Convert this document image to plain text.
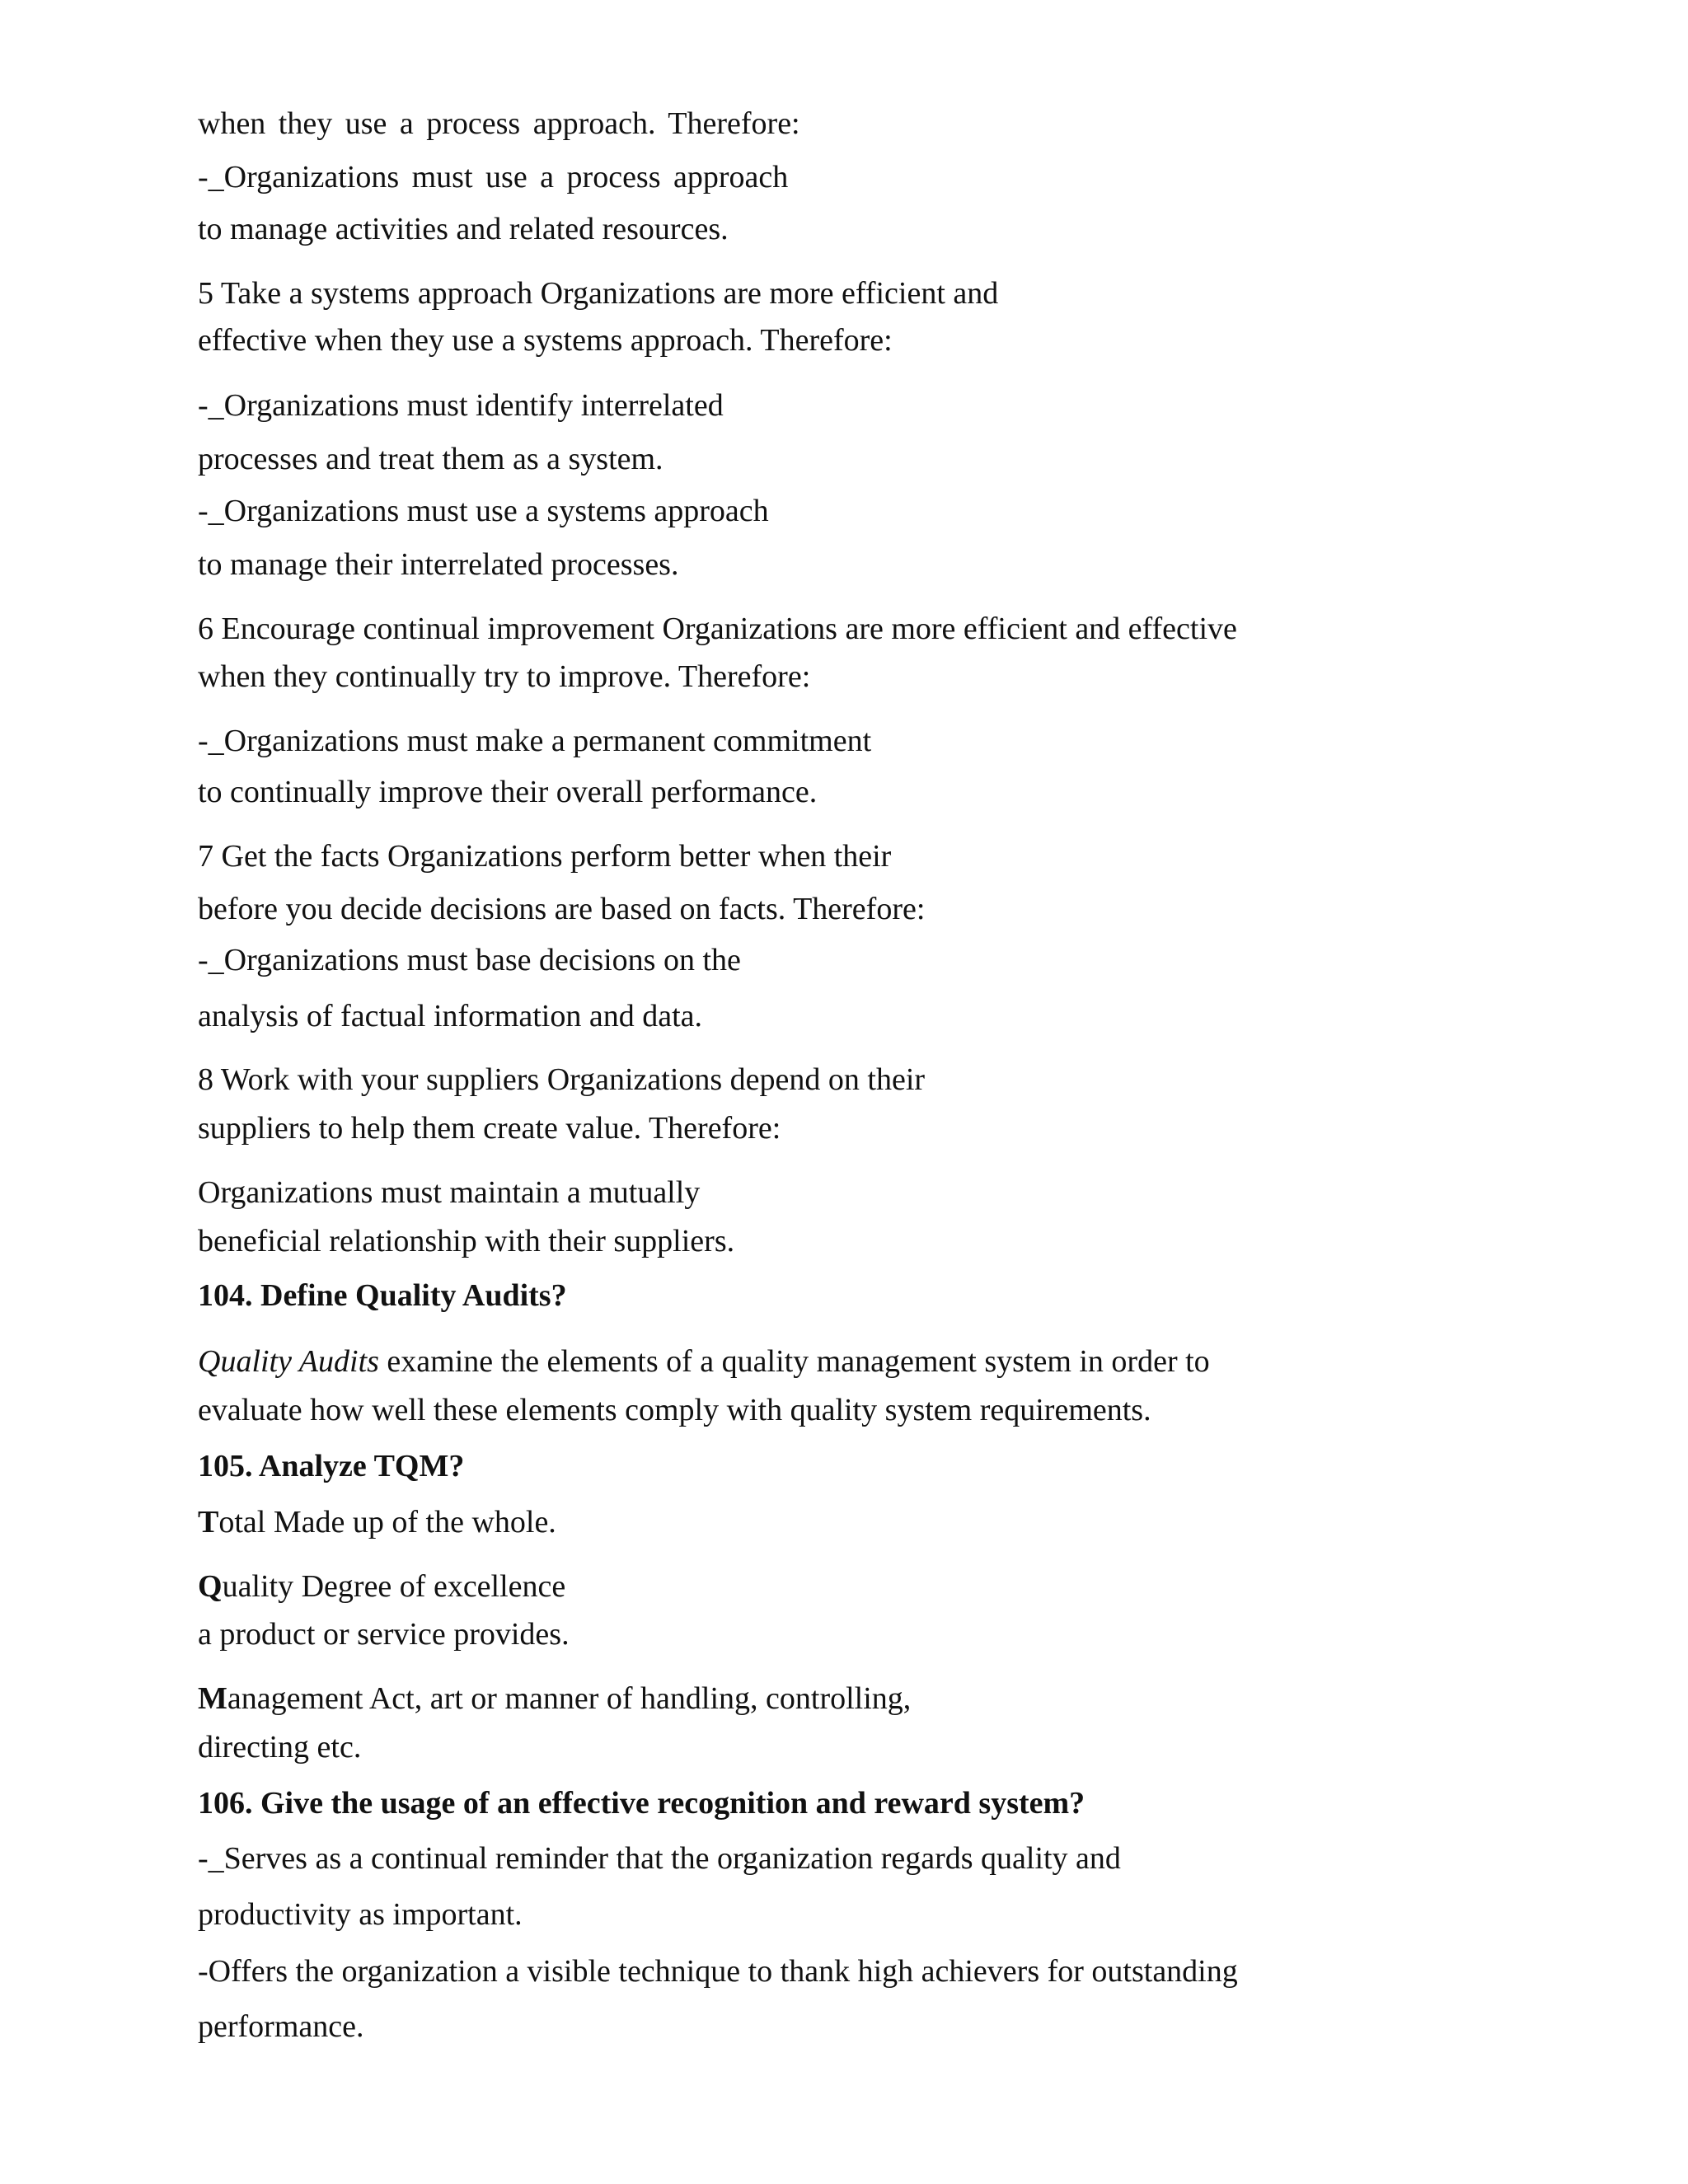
when they use a process approach. Therefore:
-_Organizations must use a process approach
to manage activities and related resources.
5 Take a systems approach Organizations are more efficient and
effective when they use a systems approach. Therefore:
-_Organizations must identify interrelated
processes and treat them as a system.
-_Organizations must use a systems approach
to manage their interrelated processes.
6 Encourage continual improvement Organizations are more efficient and effective
when they continually try to improve. Therefore:
-_Organizations must make a permanent commitment
to continually improve their overall performance.
7 Get the facts Organizations perform better when their
before you decide decisions are based on facts. Therefore:
-_Organizations must base decisions on the
analysis of factual information and data.
8 Work with your suppliers Organizations depend on their
suppliers to help them create value. Therefore:
Organizations must maintain a mutually
beneficial relationship with their suppliers.
104. Define Quality Audits?
Quality Audits examine the elements of a quality management system in order to
evaluate how well these elements comply with quality system requirements.
105. Analyze TQM?
Total Made up of the whole.
Quality Degree of excellence
a product or service provides.
Management Act, art or manner of handling, controlling,
directing etc.
106. Give the usage of an effective recognition and reward system?
-_Serves as a continual reminder that the organization regards quality and
productivity as important.
-Offers the organization a visible technique to thank high achievers for outstanding
performance.
